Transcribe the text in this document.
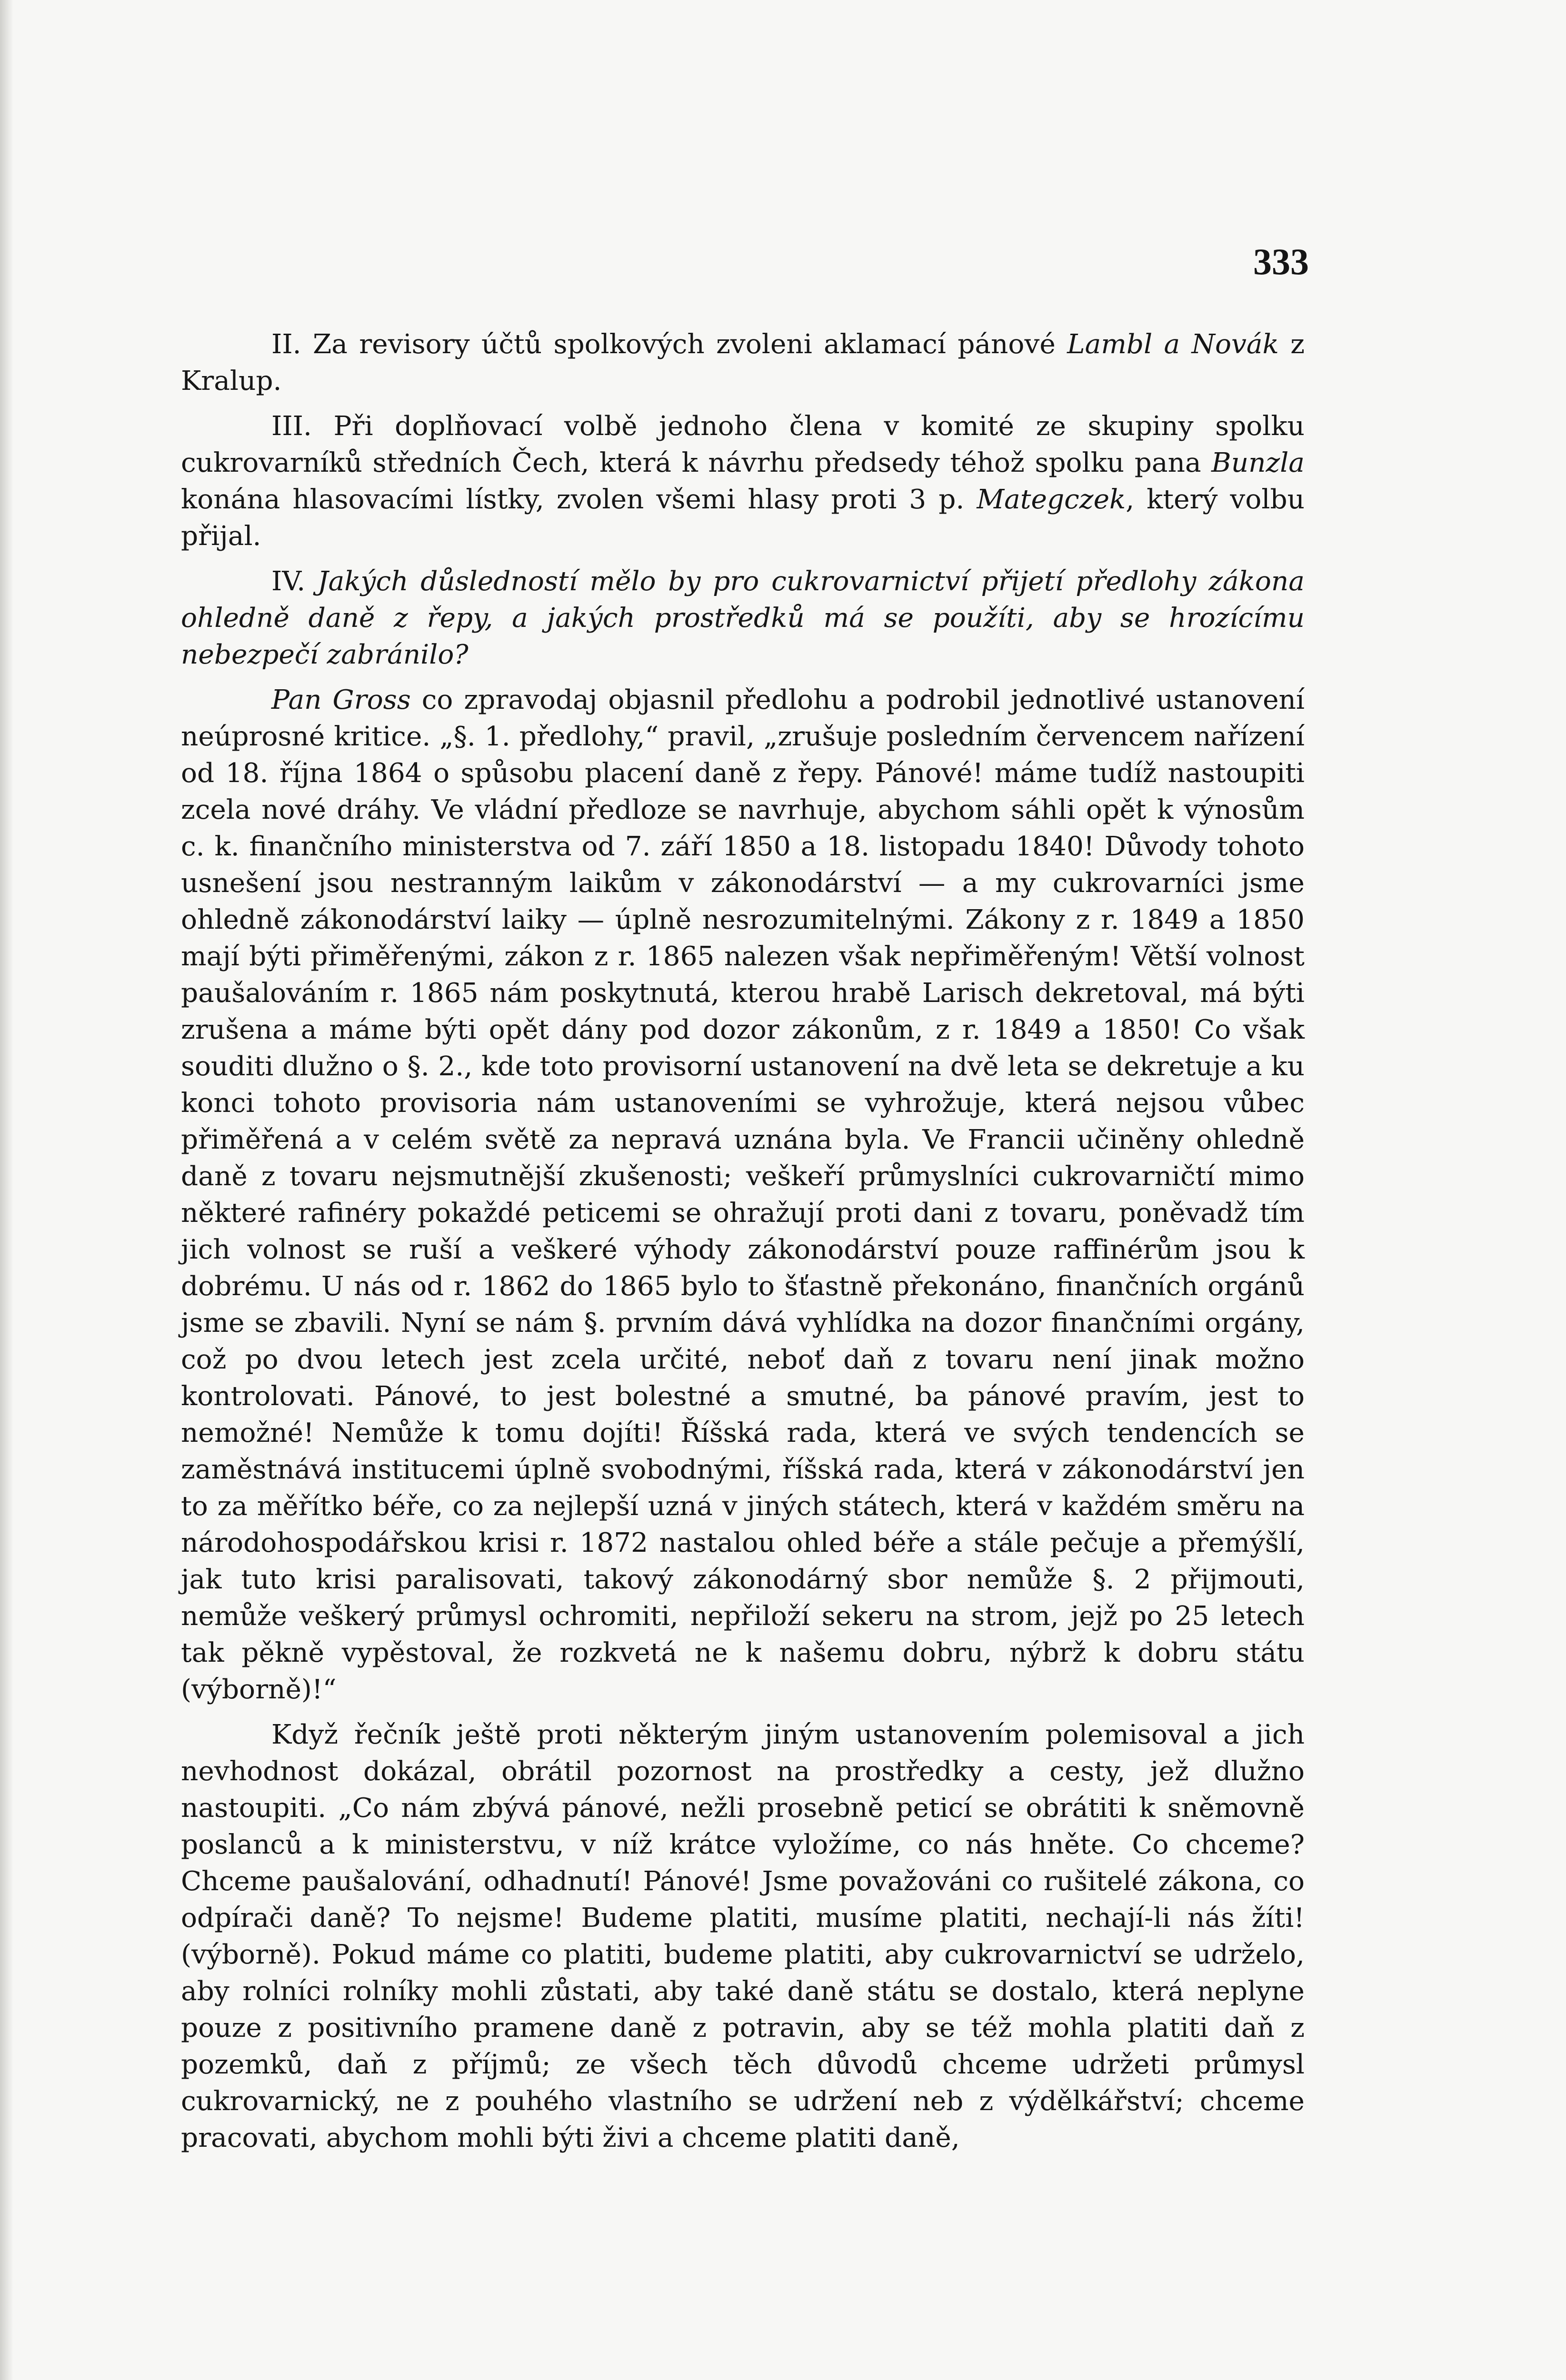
333

II. Za revisory účtů spolkových zvoleni aklamací pánové Lambl a Novák z Kralup.

III. Při doplňovací volbě jednoho člena v komité ze skupiny spolku cukrovarníků středních Čech, která k návrhu předsedy téhož spolku pana Bunzla konána hlasovacími lístky, zvolen všemi hlasy proti 3 p. Mategczek, který volbu přijal.

IV. Jakých důsledností mělo by pro cukrovarnictví přijetí předlohy zákona ohledně daně z řepy, a jakých prostředků má se použíti, aby se hrozícímu nebezpečí zabránilo?

Pan Gross co zpravodaj objasnil předlohu a podrobil jednotlivé ustanovení neúprosné kritice. „§. 1. předlohy,“ pravil, „zrušuje posledním červencem nařízení od 18. října 1864 o spůsobu placení daně z řepy. Pánové! máme tudíž nastoupiti zcela nové dráhy. Ve vládní předloze se navrhuje, abychom sáhli opět k výnosům c. k. finančního ministerstva od 7. září 1850 a 18. listopadu 1840! Důvody tohoto usnešení jsou nestranným laikům v zákonodárství — a my cukrovarníci jsme ohledně zákonodárství laiky — úplně nesrozumitelnými. Zákony z r. 1849 a 1850 mají býti přiměřenými, zákon z r. 1865 nalezen však nepřiměřeným! Větší volnost paušalováním r. 1865 nám poskytnutá, kterou hrabě Larisch dekretoval, má býti zrušena a máme býti opět dány pod dozor zákonům, z r. 1849 a 1850! Co však souditi dlužno o §. 2., kde toto provisorní ustanovení na dvě leta se dekretuje a ku konci tohoto provisoria nám ustanoveními se vyhrožuje, která nejsou vůbec přiměřená a v celém světě za nepravá uznána byla. Ve Francii učiněny ohledně daně z tovaru nejsmutnější zkušenosti; veškeří průmyslníci cukrovarničtí mimo některé rafinéry pokaždé peticemi se ohražují proti dani z tovaru, poněvadž tím jich volnost se ruší a veškeré výhody zákonodárství pouze raffinérům jsou k dobrému. U nás od r. 1862 do 1865 bylo to šťastně překonáno, finančních orgánů jsme se zbavili. Nyní se nám §. prvním dává vyhlídka na dozor finančními orgány, což po dvou letech jest zcela určité, neboť daň z tovaru není jinak možno kontrolovati. Pánové, to jest bolestné a smutné, ba pánové pravím, jest to nemožné! Nemůže k tomu dojíti! Říšská rada, která ve svých tendencích se zaměstnává institucemi úplně svobodnými, říšská rada, která v zákonodárství jen to za měřítko béře, co za nejlepší uzná v jiných státech, která v každém směru na národohospodářskou krisi r. 1872 nastalou ohled béře a stále pečuje a přemýšlí, jak tuto krisi paralisovati, takový zákonodárný sbor nemůže §. 2 přijmouti, nemůže veškerý průmysl ochromiti, nepřiloží sekeru na strom, jejž po 25 letech tak pěkně vypěstoval, že rozkvetá ne k našemu dobru, nýbrž k dobru státu (výborně)!“

Když řečník ještě proti některým jiným ustanovením polemisoval a jich nevhodnost dokázal, obrátil pozornost na prostředky a cesty, jež dlužno nastoupiti. „Co nám zbývá pánové, nežli prosebně peticí se obrátiti k sněmovně poslanců a k ministerstvu, v níž krátce vyložíme, co nás hněte. Co chceme? Chceme paušalování, odhadnutí! Pánové! Jsme považováni co rušitelé zákona, co odpírači daně? To nejsme! Budeme platiti, musíme platiti, nechají-li nás žíti! (výborně). Pokud máme co platiti, budeme platiti, aby cukrovarnictví se udrželo, aby rolníci rolníky mohli zůstati, aby také daně státu se dostalo, která neplyne pouze z positivního pramene daně z potravin, aby se též mohla platiti daň z pozemků, daň z příjmů; ze všech těch důvodů chceme udržeti průmysl cukrovarnický, ne z pouhého vlastního se udržení neb z výdělkářství; chceme pracovati, abychom mohli býti živi a chceme platiti daně,
